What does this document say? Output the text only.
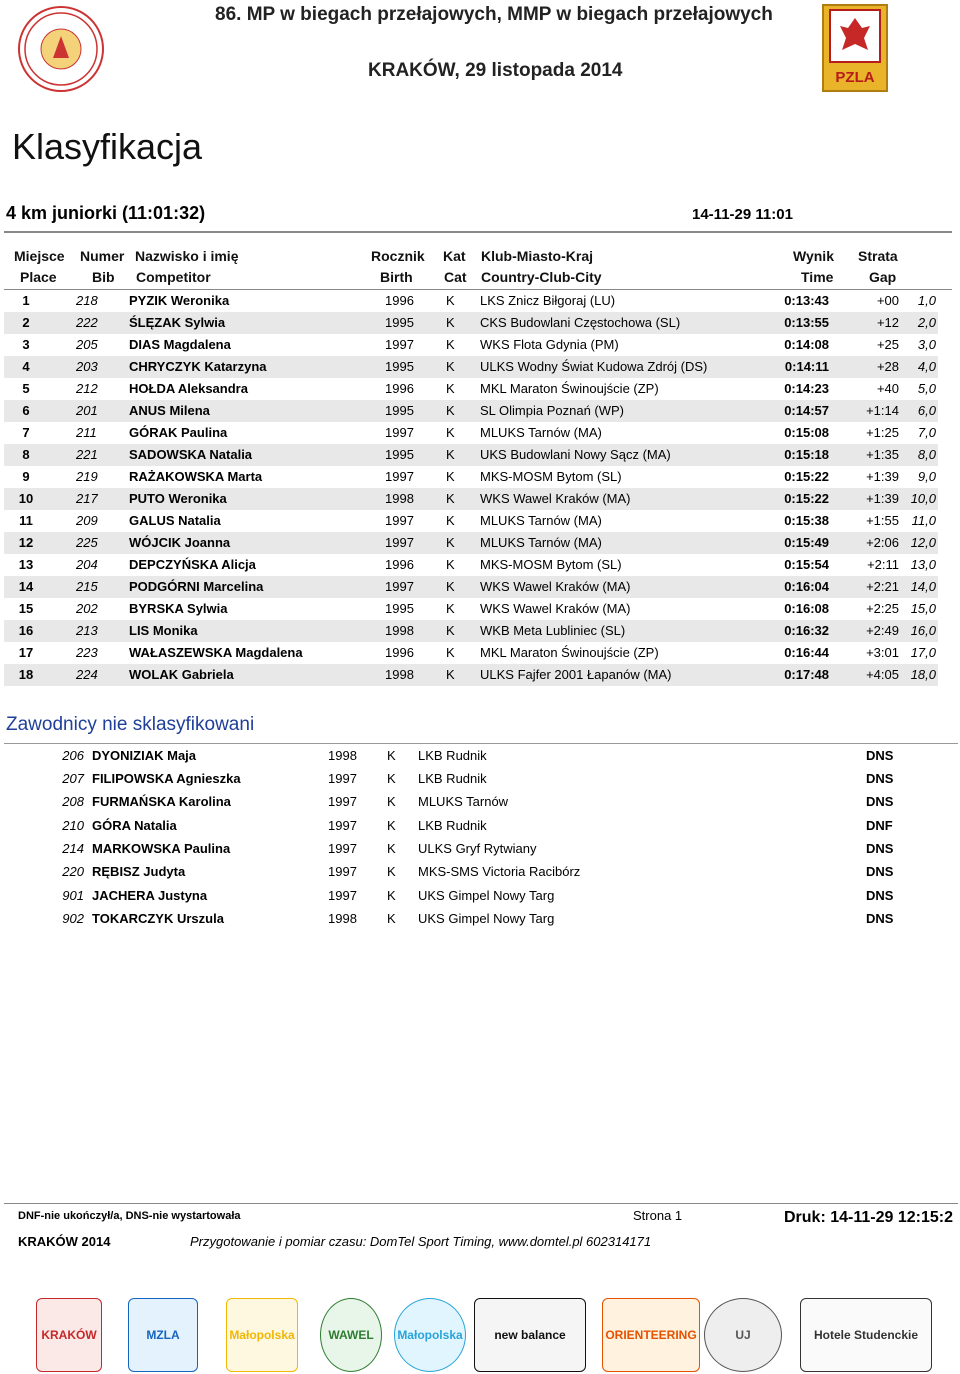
86. MP w biegach przełajowych, MMP w biegach przełajowych
KRAKÓW, 29 listopada 2014	PZLA
Klasyfikacja
4 km juniorki (11:01:32)	14-11-29 11:01
Miejsce Numer Nazwisko i imię	Rocznik Kat Klub-Miasto-Kraj	Wynik Strata
Place	Bib Competitor	Birth Cat Country-Club-City	Time	Gap
1	218 PYZIK Weronika	1996 K LKS Znicz Biłgoraj (LU)	0:13:43	+00	1,0
2	222 ŚLĘZAK Sylwia	1995 K CKS Budowlani Częstochowa (SL)	0:13:55	+12	2,0
3	205 DIAS Magdalena	1997 K WKS Flota Gdynia (PM)	0:14:08	+25	3,0
4	203 CHRYCZYK Katarzyna	1995 K ULKS Wodny Świat Kudowa Zdrój (DS)	0:14:11	+28	4,0
5	212 HOŁDA Aleksandra	1996 K MKL Maraton Świnoujście (ZP)	0:14:23	+40	5,0
6	201 ANUS Milena	1995 K SL Olimpia Poznań (WP)	0:14:57	+1:14	6,0
7	211 GÓRAK Paulina	1997 K MLUKS Tarnów (MA)	0:15:08	+1:25	7,0
8	221 SADOWSKA Natalia	1995 K UKS Budowlani Nowy Sącz (MA)	0:15:18	+1:35	8,0
9	219 RAŻAKOWSKA Marta	1997 K MKS-MOSM Bytom (SL)	0:15:22	+1:39	9,0
10	217 PUTO Weronika	1998 K WKS Wawel Kraków (MA)	0:15:22	+1:39 10,0
11	209 GALUS Natalia	1997 K MLUKS Tarnów (MA)	0:15:38	+1:55 11,0
12	225 WÓJCIK Joanna	1997 K MLUKS Tarnów (MA)	0:15:49	+2:06 12,0
13	204 DEPCZYŃSKA Alicja	1996 K MKS-MOSM Bytom (SL)	0:15:54	+2:11 13,0
14	215 PODGÓRNI Marcelina	1997 K WKS Wawel Kraków (MA)	0:16:04	+2:21 14,0
15	202 BYRSKA Sylwia	1995 K WKS Wawel Kraków (MA)	0:16:08	+2:25 15,0
16	213 LIS Monika	1998 K WKB Meta Lubliniec (SL)	0:16:32	+2:49 16,0
17	223 WAŁASZEWSKA Magdalena	1996 K MKL Maraton Świnoujście (ZP)	0:16:44	+3:01 17,0
18	224 WOLAK Gabriela	1998 K ULKS Fajfer 2001 Łapanów (MA)	0:17:48	+4:05 18,0
Zawodnicy nie sklasyfikowani
206 DYONIZIAK Maja	1998 K LKB Rudnik	DNS
207 FILIPOWSKA Agnieszka	1997 K LKB Rudnik	DNS
208 FURMAŃSKA Karolina	1997 K MLUKS Tarnów	DNS
210 GÓRA Natalia	1997 K LKB Rudnik	DNF
214 MARKOWSKA Paulina	1997 K ULKS Gryf Rytwiany	DNS
220 RĘBISZ Judyta	1997 K MKS-SMS Victoria Racibórz	DNS
901 JACHERA Justyna	1997 K UKS Gimpel Nowy Targ	DNS
902 TOKARCZYK Urszula	1998 K UKS Gimpel Nowy Targ	DNS
DNF-nie ukończył/a, DNS-nie wystartowała	Strona 1	Druk: 14-11-29 12:15:2
KRAKÓW 2014	Przygotowanie i pomiar czasu: DomTel Sport Timing, www.domtel.pl 602314171
KRAKÓW	MZLA	Małopolska	WAWEL	Małopolska	new balance	ORIENTEERING	UJ	Hotele Studenckie
